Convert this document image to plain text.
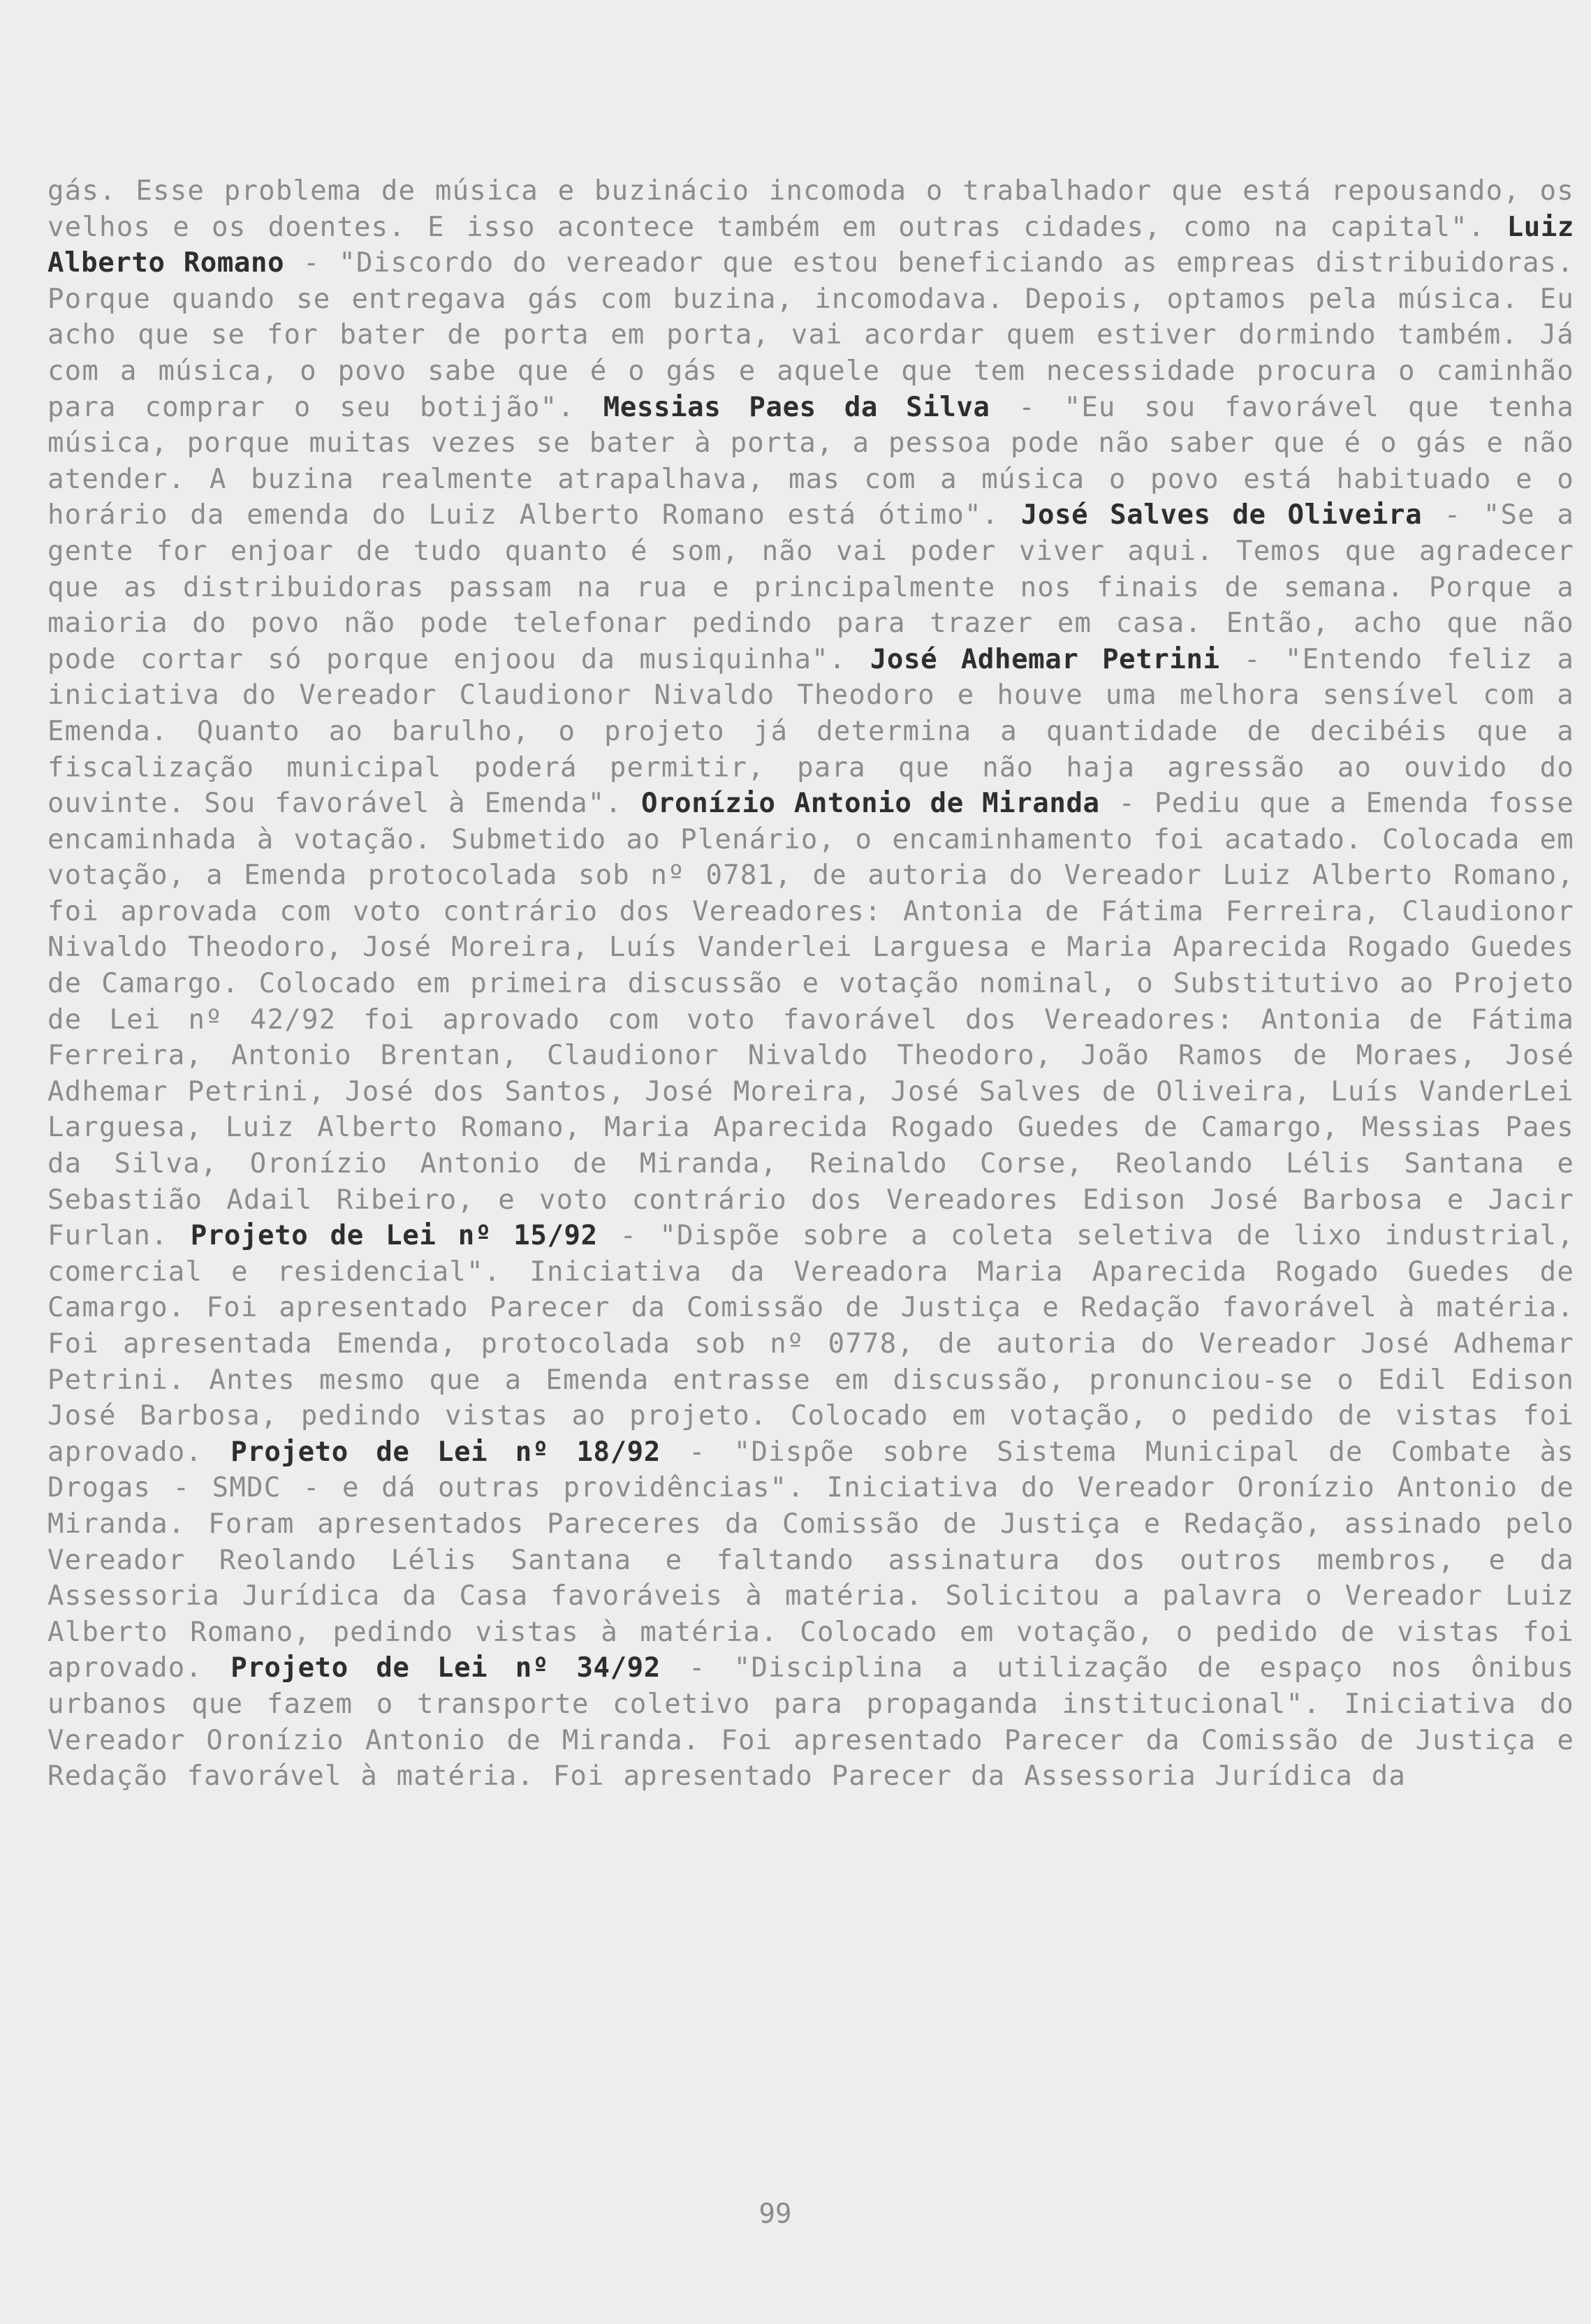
gás. Esse problema de música e buzinácio incomoda o trabalhador que está repousando, os velhos e os doentes. E isso acontece também em outras cidades, como na capital". Luiz Alberto Romano - "Discordo do vereador que estou beneficiando as empreas distribuidoras. Porque quando se entregava gás com buzina, incomodava. Depois, optamos pela música. Eu acho que se for bater de porta em porta, vai acordar quem estiver dormindo também. Já com a música, o povo sabe que é o gás e aquele que tem necessidade procura o caminhão para comprar o seu botijão". Messias Paes da Silva - "Eu sou favorável que tenha música, porque muitas vezes se bater à porta, a pessoa pode não saber que é o gás e não atender. A buzina realmente atrapalhava, mas com a música o povo está habituado e o horário da emenda do Luiz Alberto Romano está ótimo". José Salves de Oliveira - "Se a gente for enjoar de tudo quanto é som, não vai poder viver aqui. Temos que agradecer que as distribuidoras passam na rua e principalmente nos finais de semana. Porque a maioria do povo não pode telefonar pedindo para trazer em casa. Então, acho que não pode cortar só porque enjoou da musiquinha". José Adhemar Petrini - "Entendo feliz a iniciativa do Vereador Claudionor Nivaldo Theodoro e houve uma melhora sensível com a Emenda. Quanto ao barulho, o projeto já determina a quantidade de decibéis que a fiscalização municipal poderá permitir, para que não haja agressão ao ouvido do ouvinte. Sou favorável à Emenda". Oronízio Antonio de Miranda - Pediu que a Emenda fosse encaminhada à votação. Submetido ao Plenário, o encaminhamento foi acatado. Colocada em votação, a Emenda protocolada sob nº 0781, de autoria do Vereador Luiz Alberto Romano, foi aprovada com voto contrário dos Vereadores: Antonia de Fátima Ferreira, Claudionor Nivaldo Theodoro, José Moreira, Luís Vanderlei Larguesa e Maria Aparecida Rogado Guedes de Camargo. Colocado em primeira discussão e votação nominal, o Substitutivo ao Projeto de Lei nº 42/92 foi aprovado com voto favorável dos Vereadores: Antonia de Fátima Ferreira, Antonio Brentan, Claudionor Nivaldo Theodoro, João Ramos de Moraes, José Adhemar Petrini, José dos Santos, José Moreira, José Salves de Oliveira, Luís VanderLei Larguesa, Luiz Alberto Romano, Maria Aparecida Rogado Guedes de Camargo, Messias Paes da Silva, Oronízio Antonio de Miranda, Reinaldo Corse, Reolando Lélis Santana e Sebastião Adail Ribeiro, e voto contrário dos Vereadores Edison José Barbosa e Jacir Furlan. Projeto de Lei nº 15/92 - "Dispõe sobre a coleta seletiva de lixo industrial, comercial e residencial". Iniciativa da Vereadora Maria Aparecida Rogado Guedes de Camargo. Foi apresentado Parecer da Comissão de Justiça e Redação favorável à matéria. Foi apresentada Emenda, protocolada sob nº 0778, de autoria do Vereador José Adhemar Petrini. Antes mesmo que a Emenda entrasse em discussão, pronunciou-se o Edil Edison José Barbosa, pedindo vistas ao projeto. Colocado em votação, o pedido de vistas foi aprovado. Projeto de Lei nº 18/92 - "Dispõe sobre Sistema Municipal de Combate às Drogas - SMDC - e dá outras providências". Iniciativa do Vereador Oronízio Antonio de Miranda. Foram apresentados Pareceres da Comissão de Justiça e Redação, assinado pelo Vereador Reolando Lélis Santana e faltando assinatura dos outros membros, e da Assessoria Jurídica da Casa favoráveis à matéria. Solicitou a palavra o Vereador Luiz Alberto Romano, pedindo vistas à matéria. Colocado em votação, o pedido de vistas foi aprovado. Projeto de Lei nº 34/92 - "Disciplina a utilização de espaço nos ônibus urbanos que fazem o transporte coletivo para propaganda institucional". Iniciativa do Vereador Oronízio Antonio de Miranda. Foi apresentado Parecer da Comissão de Justiça e Redação favorável à matéria. Foi apresentado Parecer da Assessoria Jurídica da
99
